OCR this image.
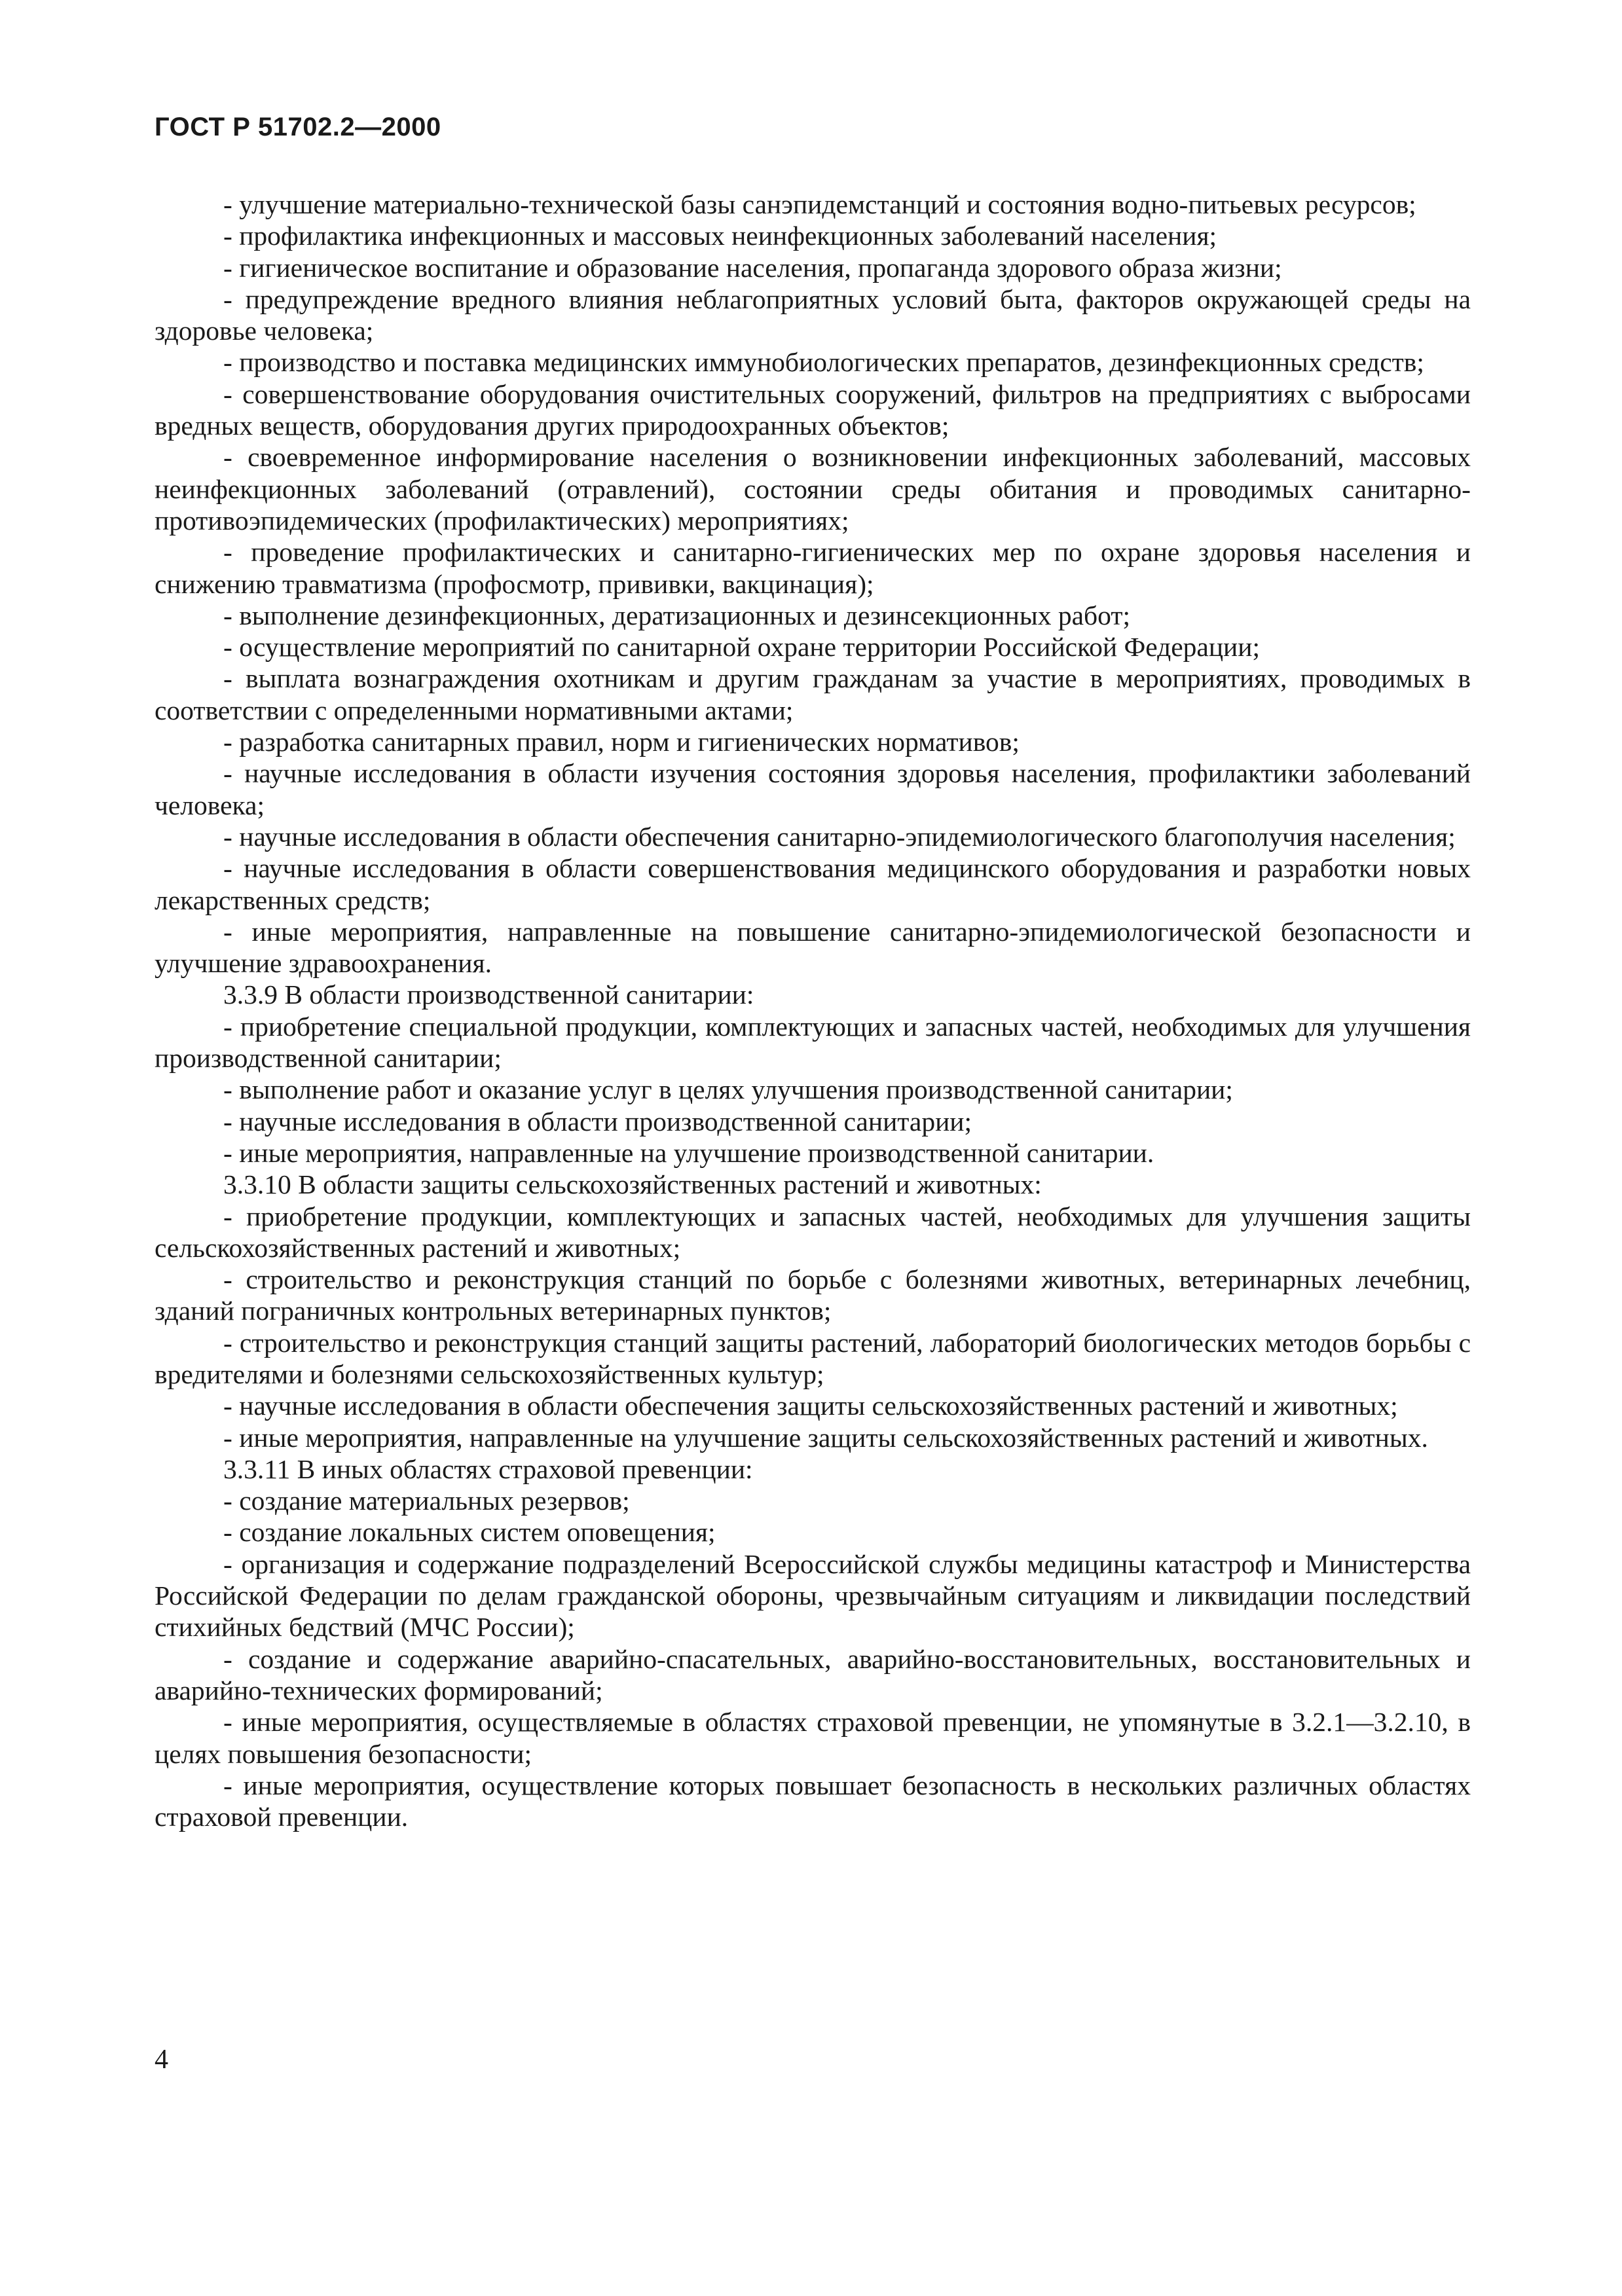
ГОСТ Р 51702.2—2000

- улучшение материально-технической базы санэпидемстанций и состояния водно-питьевых ресурсов;

- профилактика инфекционных и массовых неинфекционных заболеваний населения;

- гигиеническое воспитание и образование населения, пропаганда здорового образа жизни;

- предупреждение вредного влияния неблагоприятных условий быта, факторов окружающей среды на здоровье человека;

- производство и поставка медицинских иммунобиологических препаратов, дезинфекционных средств;

- совершенствование оборудования очистительных сооружений, фильтров на предприятиях с выбросами вредных веществ, оборудования других природоохранных объектов;

- своевременное информирование населения о возникновении инфекционных заболеваний, массовых неинфекционных заболеваний (отравлений), состоянии среды обитания и проводимых санитарно-противоэпидемических (профилактических) мероприятиях;

- проведение профилактических и санитарно-гигиенических мер по охране здоровья населения и снижению травматизма (профосмотр, прививки, вакцинация);

- выполнение дезинфекционных, дератизационных и дезинсекционных работ;

- осуществление мероприятий по санитарной охране территории Российской Федерации;

- выплата вознаграждения охотникам и другим гражданам за участие в мероприятиях, проводимых в соответствии с определенными нормативными актами;

- разработка санитарных правил, норм и гигиенических нормативов;

- научные исследования в области изучения состояния здоровья населения, профилактики заболеваний человека;

- научные исследования в области обеспечения санитарно-эпидемиологического благополучия населения;

- научные исследования в области совершенствования медицинского оборудования и разработки новых лекарственных средств;

- иные мероприятия, направленные на повышение санитарно-эпидемиологической безопасности и улучшение здравоохранения.

3.3.9 В области производственной санитарии:

- приобретение специальной продукции, комплектующих и запасных частей, необходимых для улучшения производственной санитарии;

- выполнение работ и оказание услуг в целях улучшения производственной санитарии;

- научные исследования в области производственной санитарии;

- иные мероприятия, направленные на улучшение производственной санитарии.

3.3.10 В области защиты сельскохозяйственных растений и животных:

- приобретение продукции, комплектующих и запасных частей, необходимых для улучшения защиты сельскохозяйственных растений и животных;

- строительство и реконструкция станций по борьбе с болезнями животных, ветеринарных лечебниц, зданий пограничных контрольных ветеринарных пунктов;

- строительство и реконструкция станций защиты растений, лабораторий биологических методов борьбы с вредителями и болезнями сельскохозяйственных культур;

- научные исследования в области обеспечения защиты сельскохозяйственных растений и животных;

- иные мероприятия, направленные на улучшение защиты сельскохозяйственных растений и животных.

3.3.11 В иных областях страховой превенции:

- создание материальных резервов;

- создание локальных систем оповещения;

- организация и содержание подразделений Всероссийской службы медицины катастроф и Министерства Российской Федерации по делам гражданской обороны, чрезвычайным ситуациям и ликвидации последствий стихийных бедствий (МЧС России);

- создание и содержание аварийно-спасательных, аварийно-восстановительных, восстановительных и аварийно-технических формирований;

- иные мероприятия, осуществляемые в областях страховой превенции, не упомянутые в 3.2.1—3.2.10, в целях повышения безопасности;

- иные мероприятия, осуществление которых повышает безопасность в нескольких различных областях страховой превенции.

4
